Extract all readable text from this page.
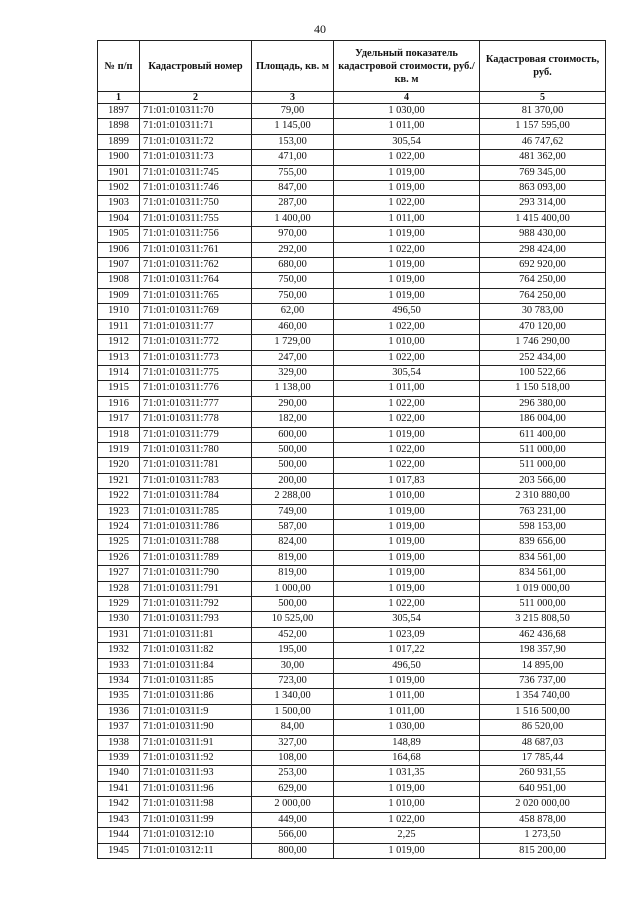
40
№ п/п	Кадастровый номер	Площадь, кв. м	Удельный показатель кадастровой стоимости, руб./кв. м	Кадастровая стоимость, руб.
1	2	3	4	5
1897	71:01:010311:70	79,00	1 030,00	81 370,00
1898	71:01:010311:71	1 145,00	1 011,00	1 157 595,00
1899	71:01:010311:72	153,00	305,54	46 747,62
1900	71:01:010311:73	471,00	1 022,00	481 362,00
1901	71:01:010311:745	755,00	1 019,00	769 345,00
1902	71:01:010311:746	847,00	1 019,00	863 093,00
1903	71:01:010311:750	287,00	1 022,00	293 314,00
1904	71:01:010311:755	1 400,00	1 011,00	1 415 400,00
1905	71:01:010311:756	970,00	1 019,00	988 430,00
1906	71:01:010311:761	292,00	1 022,00	298 424,00
1907	71:01:010311:762	680,00	1 019,00	692 920,00
1908	71:01:010311:764	750,00	1 019,00	764 250,00
1909	71:01:010311:765	750,00	1 019,00	764 250,00
1910	71:01:010311:769	62,00	496,50	30 783,00
1911	71:01:010311:77	460,00	1 022,00	470 120,00
1912	71:01:010311:772	1 729,00	1 010,00	1 746 290,00
1913	71:01:010311:773	247,00	1 022,00	252 434,00
1914	71:01:010311:775	329,00	305,54	100 522,66
1915	71:01:010311:776	1 138,00	1 011,00	1 150 518,00
1916	71:01:010311:777	290,00	1 022,00	296 380,00
1917	71:01:010311:778	182,00	1 022,00	186 004,00
1918	71:01:010311:779	600,00	1 019,00	611 400,00
1919	71:01:010311:780	500,00	1 022,00	511 000,00
1920	71:01:010311:781	500,00	1 022,00	511 000,00
1921	71:01:010311:783	200,00	1 017,83	203 566,00
1922	71:01:010311:784	2 288,00	1 010,00	2 310 880,00
1923	71:01:010311:785	749,00	1 019,00	763 231,00
1924	71:01:010311:786	587,00	1 019,00	598 153,00
1925	71:01:010311:788	824,00	1 019,00	839 656,00
1926	71:01:010311:789	819,00	1 019,00	834 561,00
1927	71:01:010311:790	819,00	1 019,00	834 561,00
1928	71:01:010311:791	1 000,00	1 019,00	1 019 000,00
1929	71:01:010311:792	500,00	1 022,00	511 000,00
1930	71:01:010311:793	10 525,00	305,54	3 215 808,50
1931	71:01:010311:81	452,00	1 023,09	462 436,68
1932	71:01:010311:82	195,00	1 017,22	198 357,90
1933	71:01:010311:84	30,00	496,50	14 895,00
1934	71:01:010311:85	723,00	1 019,00	736 737,00
1935	71:01:010311:86	1 340,00	1 011,00	1 354 740,00
1936	71:01:010311:9	1 500,00	1 011,00	1 516 500,00
1937	71:01:010311:90	84,00	1 030,00	86 520,00
1938	71:01:010311:91	327,00	148,89	48 687,03
1939	71:01:010311:92	108,00	164,68	17 785,44
1940	71:01:010311:93	253,00	1 031,35	260 931,55
1941	71:01:010311:96	629,00	1 019,00	640 951,00
1942	71:01:010311:98	2 000,00	1 010,00	2 020 000,00
1943	71:01:010311:99	449,00	1 022,00	458 878,00
1944	71:01:010312:10	566,00	2,25	1 273,50
1945	71:01:010312:11	800,00	1 019,00	815 200,00
